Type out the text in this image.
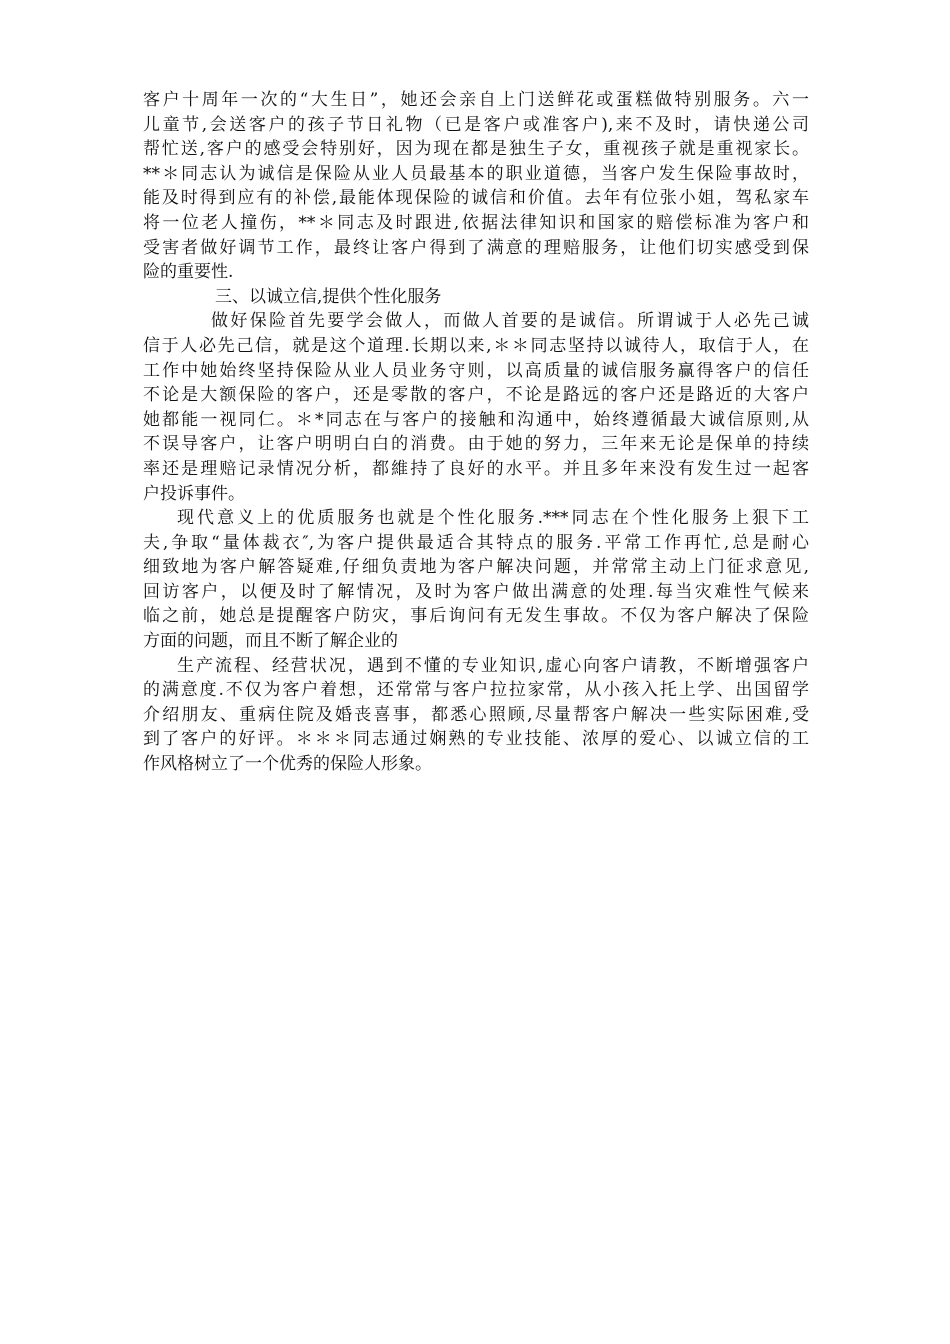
客户十周年一次的“大生日”，她还会亲自上门送鲜花或蛋糕做特别服务。六一
儿童节,会送客户的孩子节日礼物（已是客户或准客户),来不及时，请快递公司
帮忙送,客户的感受会特别好，因为现在都是独生子女，重视孩子就是重视家长。
**＊同志认为诚信是保险从业人员最基本的职业道德，当客户发生保险事故时，
能及时得到应有的补偿,最能体现保险的诚信和价值。去年有位张小姐，驾私家车
将一位老人撞伤，**＊同志及时跟进,依据法律知识和国家的赔偿标准为客户和
受害者做好调节工作，最终让客户得到了满意的理赔服务，让他们切实感受到保
险的重要性.
三、以诚立信,提供个性化服务
做好保险首先要学会做人，而做人首要的是诚信。所谓诚于人必先己诚
信于人必先己信，就是这个道理.长期以来,＊＊同志坚持以诚待人，取信于人，在
工作中她始终坚持保险从业人员业务守则，以高质量的诚信服务赢得客户的信任
不论是大额保险的客户，还是零散的客户，不论是路远的客户还是路近的大客户
她都能一视同仁。＊*同志在与客户的接触和沟通中，始终遵循最大诚信原则,从
不误导客户，让客户明明白白的消费。由于她的努力，三年来无论是保单的持续
率还是理赔记录情况分析，都維持了良好的水平。并且多年来没有发生过一起客
户投诉事件。
现代意义上的优质服务也就是个性化服务.***同志在个性化服务上狠下工
夫,争取“量体裁衣″,为客户提供最适合其特点的服务.平常工作再忙,总是耐心
细致地为客户解答疑难,仔细负责地为客户解决问题，并常常主动上门征求意见,
回访客户，以便及时了解情况，及时为客户做出满意的处理.每当灾难性气候来
临之前，她总是提醒客户防灾，事后询问有无发生事故。不仅为客户解决了保险
方面的问题，而且不断了解企业的
生产流程、经营状况，遇到不懂的专业知识,虚心向客户请教，不断增强客户
的满意度.不仅为客户着想，还常常与客户拉拉家常，从小孩入托上学、出国留学
介绍朋友、重病住院及婚丧喜事，都悉心照顾,尽量帮客户解决一些实际困难,受
到了客户的好评。＊＊＊同志通过娴熟的专业技能、浓厚的爱心、以诚立信的工
作风格树立了一个优秀的保险人形象。
